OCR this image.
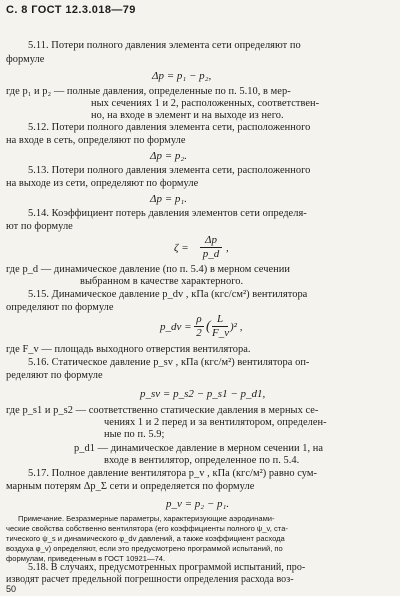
С. 8 ГОСТ 12.3.018—79
5.11. Потери полного давления элемента сети определяют по
формуле
Δp = p₁ − p₂,
где p₁ и p₂ — полные давления, определенные по п. 5.10, в мер-
ных сечениях 1 и 2, расположенных, соответствен-
но, на входе в элемент и на выходе из него.
5.12. Потери полного давления элемента сети, расположенного
на входе в сеть, определяют по формуле
Δp = p₂.
5.13. Потери полного давления элемента сети, расположенного
на выходе из сети, определяют по формуле
Δp = p₁.
5.14. Коэффициент потерь давления элементов сети определя-
ют по формуле
ζ =
Δp
p_d ,
где p_d — динамическое давление (по п. 5.4) в мерном сечении
выбранном в качестве характерного.
5.15. Динамическое давление p_dv , кПа (кгс/см²) вентилятора
определяют по формуле
p_dv =
ρ
2 ( L
F_v )² ,
где F_v — площадь выходного отверстия вентилятора.
5.16. Статическое давление p_sv , кПа (кгс/м²) вентилятора оп-
ределяют по формуле
p_sv = p_s2 − p_s1 − p_d1,
где p_s1 и p_s2 — соответственно статические давления в мерных се-
чениях 1 и 2 перед и за вентилятором, определен-
ные по п. 5.9;
p_d1 — динамическое давление в мерном сечении 1, на
входе в вентилятор, определенное по п. 5.4.
5.17. Полное давление вентилятора p_v , кПа (кгс/м²) равно сум-
марным потерям Δp_Σ сети и определяется по формуле
p_v = p₂ − p₁.
Примечание. Безразмерные параметры, характеризующие аэродинами-
ческие свойства собственно вентилятора (его коэффициенты полного ψ_v, ста-
тического ψ_s и динамического φ_dv давлений, а также коэффициент расхода
воздуха φ_v) определяют, если это предусмотрено программой испытаний, по
формулам, приведенным в ГОСТ 10921—74.
5.18. В случаях, предусмотренных программой испытаний, про-
изводят расчет предельной погрешности определения расхода воз-
50
